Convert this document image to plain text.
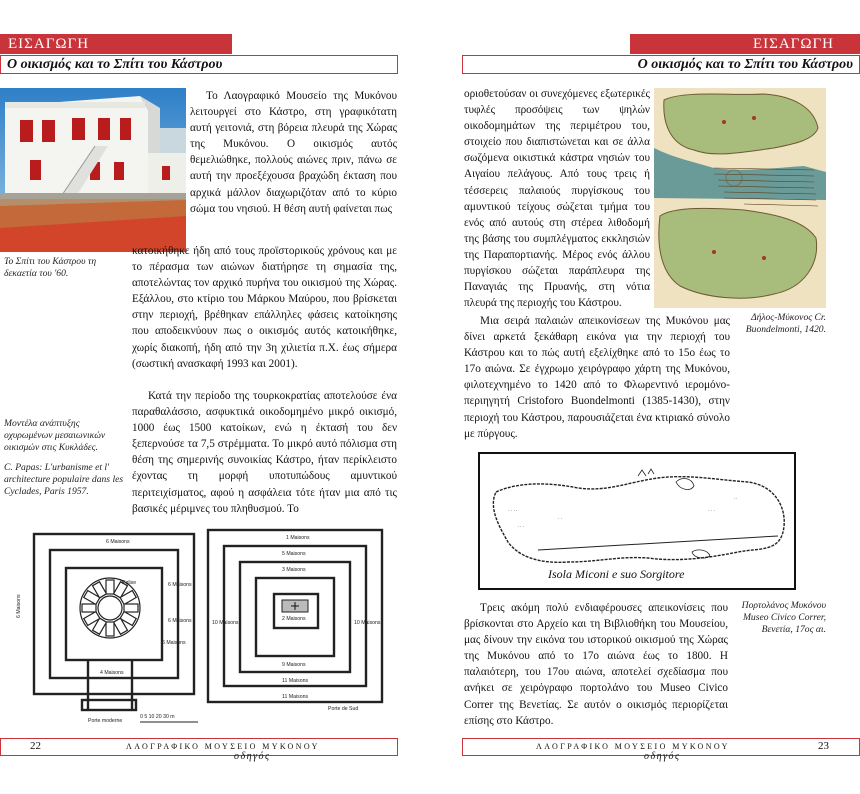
ΕΙΣΑΓΩΓΗ
Ο οικισμός και το Σπίτι του Κάστρου
Το Σπίτι του Κάστρου τη δεκαετία του '60.

Το Λαογραφικό Μουσείο της Μυκόνου λειτουργεί στο Κάστρο, στη γραφικότατη αυτή γειτονιά, στη βόρεια πλευρά της Χώρας της Μυκόνου. Ο οικισμός αυτός θεμελιώθηκε, πολλούς αιώνες πριν, πάνω σε αυτή την προεξέχουσα βραχώδη έκταση που αρχικά μάλλον διαχωριζόταν από το κύριο σώμα του νησιού. Η θέση αυτή φαίνεται πως

κατοικήθηκε ήδη από τους προϊστορικούς χρόνους και με το πέρασμα των αιώνων διατήρησε τη σημασία της, αποτελώντας τον αρχικό πυρήνα του οικισμού της Χώρας. Εξάλλου, στο κτίριο του Μάρκου Μαύρου, που βρίσκεται στην περιοχή, βρέθηκαν επάλληλες φάσεις κατοίκησης που αποδεικνύουν πως ο οικισμός αυτός κατοικήθηκε, χωρίς διακοπή, ήδη από την 3η χιλιετία π.Χ. έως σήμερα (σωστική ανασκαφή 1993 και 2001).

Κατά την περίοδο της τουρκοκρατίας αποτελούσε ένα παραθαλάσσιο, ασφυκτικά οικοδομημένο μικρό οικισμό, 1000 έως 1500 κατοίκων, ενώ η έκτασή του δεν ξεπερνούσε τα 7,5 στρέμματα. Το μικρό αυτό πόλισμα στη θέση της σημερινής συνοικίας Κάστρο, ήταν περίκλειστο έχοντας τη μορφή υποτυπώδους αμυντικού περιτειχίσματος, αφού η ασφάλεια τότε ήταν μια από τις βασικές μέριμνες του πληθυσμού. Το

Μοντέλα ανάπτυξης οχυρωμένων μεσαιωνικών οικισμών στις Κυκλάδες.
C. Papas: L'urbanisme et l' architecture populaire dans les Cyclades, Paris 1957.
6 Maisons
6 Maisons
6 Maisons
6 Maisons
6 Maisons
4 Maisons
Eglise
Porte moderne
1 Maisons
5 Maisons
3 Maisons
2 Maisons
9 Maisons
11 Maisons
11 Maisons
10 Maisons	10 Maisons
Porte de Sud
0 5 10 20 30 m
22	ΛΑΟΓΡΑΦΙΚΟ ΜΟΥΣΕΙΟ ΜΥΚΟΝΟΥ
οδηγός
ΕΙΣΑΓΩΓΗ
Ο οικισμός και το Σπίτι του Κάστρου

οριοθετούσαν οι συνεχόμενες εξωτερικές τυφλές προσόψεις των ψηλών οικοδομημάτων της περιμέτρου του, στοιχείο που διαπιστώνεται και σε άλλα σωζόμενα οικιστικά κάστρα νησιών του Αιγαίου πελάγους. Από τους τρεις ή τέσσερεις παλαιούς πυργίσκους του αμυντικού τείχους σώζεται τμήμα του ενός από αυτούς στη στέρεα λιθοδομή της βάσης του συμπλέγματος εκκλησιών της Παραπορτιανής. Μέρος ενός άλλου πυργίσκου σώζεται παράπλευρα της Παναγιάς της Πρυανής, στη νότια πλευρά της περιοχής του Κάστρου.

Μια σειρά παλαιών απεικονίσεων της Μυκόνου μας δίνει αρκετά ξεκάθαρη εικόνα για την περιοχή του Κάστρου και το πώς αυτή εξελίχθηκε από το 15ο έως το 17ο αιώνα. Σε έγχρωμο χειρόγραφο χάρτη της Μυκόνου, φιλοτεχνημένο το 1420 από το Φλωρεντινό ιερομόνο-περιηγητή Cristoforo Buondelmonti (1385-1430), στην περιοχή του Κάστρου, παρουσιάζεται ένα κτιριακό σύνολο με πύργους.

Δήλος-Μύκονος Cr. Buondelmonti, 1420.
· · ··
·· ·
· ·
· · ·
··
Isola Miconi e suo Sorgitore
Πορτολάνος Μυκόνου Museo Civico Correr, Βενετία, 17ος αι.

Τρεις ακόμη πολύ ενδιαφέρουσες απεικονίσεις που βρίσκονται στο Αρχείο και τη Βιβλιοθήκη του Μουσείου, μας δίνουν την εικόνα του ιστορικού οικισμού της Χώρας της Μυκόνου από το 17ο αιώνα έως το 1800. Η παλαιότερη, του 17ου αιώνα, αποτελεί σχεδίασμα που ανήκει σε χειρόγραφο πορτολάνο του Museo Civico Correr της Βενετίας. Σε αυτόν ο οικισμός περιορίζεται επίσης στο Κάστρο.

ΛΑΟΓΡΑΦΙΚΟ ΜΟΥΣΕΙΟ ΜΥΚΟΝΟΥ
οδηγός
23
